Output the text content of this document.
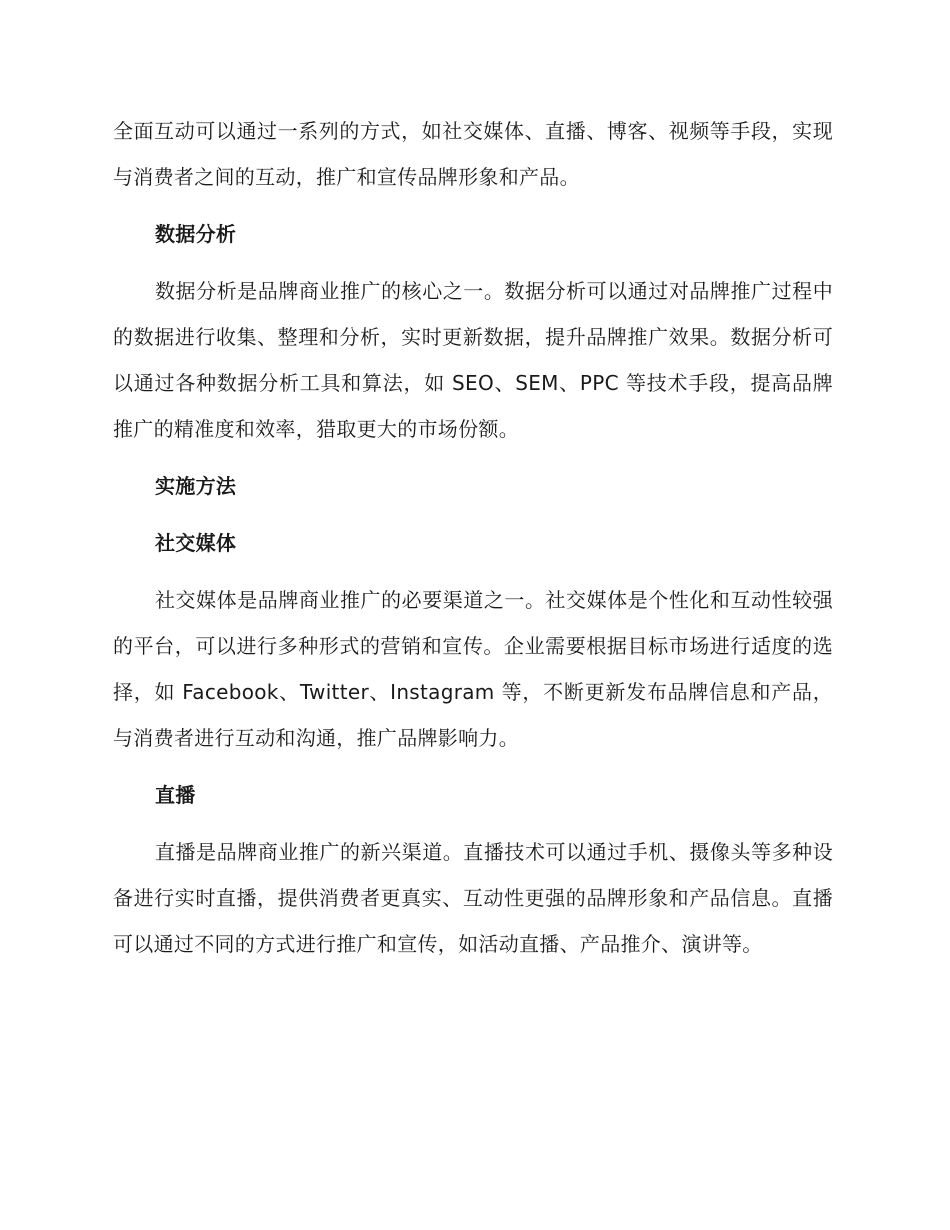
全面互动可以通过一系列的方式，如社交媒体、直播、博客、视频等手段，实现与消费者之间的互动，推广和宣传品牌形象和产品。

数据分析

数据分析是品牌商业推广的核心之一。数据分析可以通过对品牌推广过程中的数据进行收集、整理和分析，实时更新数据，提升品牌推广效果。数据分析可以通过各种数据分析工具和算法，如 SEO、SEM、PPC 等技术手段，提高品牌推广的精准度和效率，猎取更大的市场份额。

实施方法
社交媒体

社交媒体是品牌商业推广的必要渠道之一。社交媒体是个性化和互动性较强的平台，可以进行多种形式的营销和宣传。企业需要根据目标市场进行适度的选择，如 Facebook、Twitter、Instagram 等，不断更新发布品牌信息和产品，与消费者进行互动和沟通，推广品牌影响力。

直播

直播是品牌商业推广的新兴渠道。直播技术可以通过手机、摄像头等多种设备进行实时直播，提供消费者更真实、互动性更强的品牌形象和产品信息。直播可以通过不同的方式进行推广和宣传，如活动直播、产品推介、演讲等。
